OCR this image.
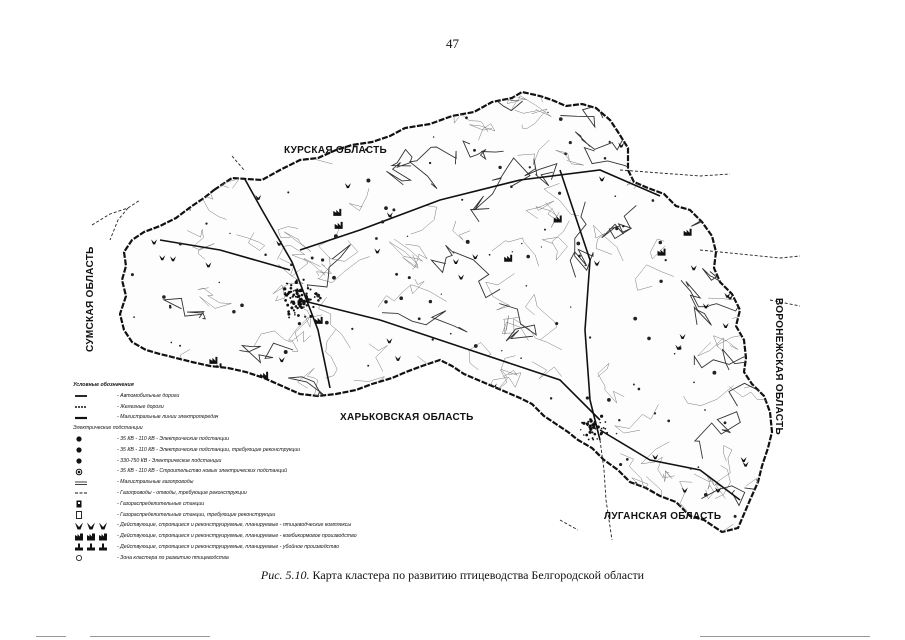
47
КУРСКАЯ ОБЛАСТЬ
СУМСКАЯ ОБЛАСТЬ	ВОРОНЕЖСКАЯ ОБЛАСТЬ
ХАРЬКОВСКАЯ ОБЛАСТЬ
ЛУГАНСКАЯ ОБЛАСТЬ
Условные обозначения
- Автомобильные дороги
- Железные дороги
- Магистральные линии электропередач
Электрические подстанции
- 35 КВ - 110 КВ - Электрические подстанции
- 35 КВ - 110 КВ - Электрические подстанции, требующие реконструкции
- 330-750 КВ - Электрические подстанции
- 35 КВ - 110 КВ - Строительство новых электрических подстанций
- Магистральные газопроводы
- Газопроводы - отводы, требующие реконструкции
- Газораспределительные станции
- Газораспределительные станции, требующие реконструкции
- Действующие, строящиеся и реконструируемые, планируемые - птицеводческие комплексы
- Действующие, строящиеся и реконструируемые, планируемые - комбикормовое производство
- Действующие, строящиеся и реконструируемые, планируемые - убойное производство
- Зона кластера по развитию птицеводства
Рис. 5.10. Карта кластера по развитию птицеводства Белгородской области
